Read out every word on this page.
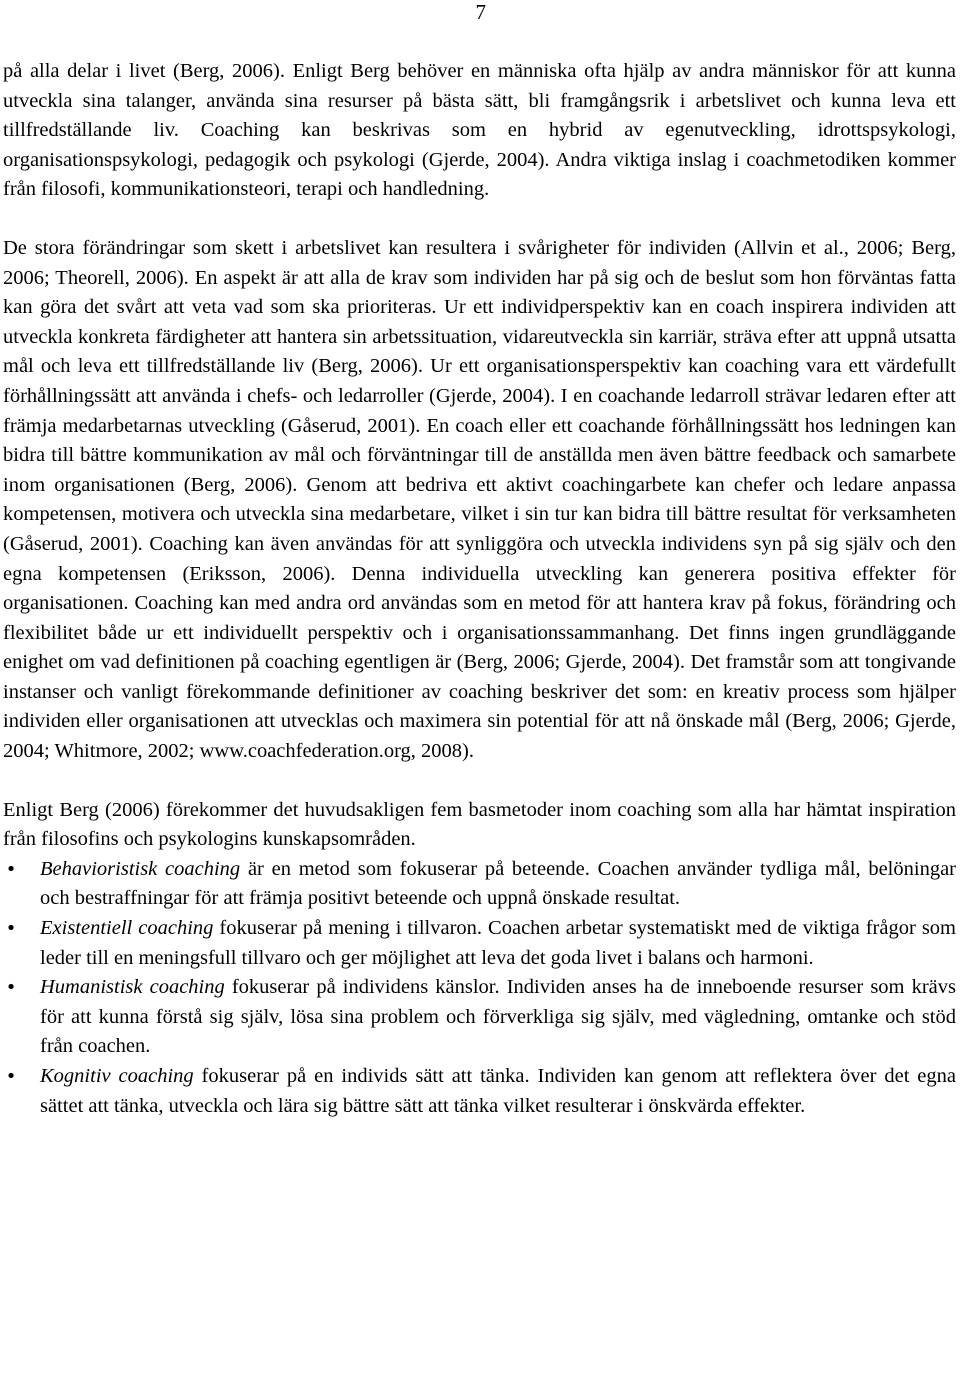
7

på alla delar i livet (Berg, 2006). Enligt Berg behöver en människa ofta hjälp av andra människor för att kunna utveckla sina talanger, använda sina resurser på bästa sätt, bli framgångsrik i arbetslivet och kunna leva ett tillfredställande liv. Coaching kan beskrivas som en hybrid av egenutveckling, idrottspsykologi, organisationspsykologi, pedagogik och psykologi (Gjerde, 2004). Andra viktiga inslag i coachmetodiken kommer från filosofi, kommunikationsteori, terapi och handledning.

De stora förändringar som skett i arbetslivet kan resultera i svårigheter för individen (Allvin et al., 2006; Berg, 2006; Theorell, 2006). En aspekt är att alla de krav som individen har på sig och de beslut som hon förväntas fatta kan göra det svårt att veta vad som ska prioriteras. Ur ett individperspektiv kan en coach inspirera individen att utveckla konkreta färdigheter att hantera sin arbetssituation, vidareutveckla sin karriär, sträva efter att uppnå utsatta mål och leva ett tillfredställande liv (Berg, 2006). Ur ett organisationsperspektiv kan coaching vara ett värdefullt förhållningssätt att använda i chefs- och ledarroller (Gjerde, 2004). I en coachande ledarroll strävar ledaren efter att främja medarbetarnas utveckling (Gåserud, 2001). En coach eller ett coachande förhållningssätt hos ledningen kan bidra till bättre kommunikation av mål och förväntningar till de anställda men även bättre feedback och samarbete inom organisationen (Berg, 2006). Genom att bedriva ett aktivt coachingarbete kan chefer och ledare anpassa kompetensen, motivera och utveckla sina medarbetare, vilket i sin tur kan bidra till bättre resultat för verksamheten (Gåserud, 2001). Coaching kan även användas för att synliggöra och utveckla individens syn på sig själv och den egna kompetensen (Eriksson, 2006). Denna individuella utveckling kan generera positiva effekter för organisationen. Coaching kan med andra ord användas som en metod för att hantera krav på fokus, förändring och flexibilitet både ur ett individuellt perspektiv och i organisationssammanhang. Det finns ingen grundläggande enighet om vad definitionen på coaching egentligen är (Berg, 2006; Gjerde, 2004). Det framstår som att tongivande instanser och vanligt förekommande definitioner av coaching beskriver det som: en kreativ process som hjälper individen eller organisationen att utvecklas och maximera sin potential för att nå önskade mål (Berg, 2006; Gjerde, 2004; Whitmore, 2002; www.coachfederation.org, 2008).

Enligt Berg (2006) förekommer det huvudsakligen fem basmetoder inom coaching som alla har hämtat inspiration från filosofins och psykologins kunskapsområden.

• Behavioristisk coaching är en metod som fokuserar på beteende. Coachen använder tydliga mål, belöningar och bestraffningar för att främja positivt beteende och uppnå önskade resultat.
• Existentiell coaching fokuserar på mening i tillvaron. Coachen arbetar systematiskt med de viktiga frågor som leder till en meningsfull tillvaro och ger möjlighet att leva det goda livet i balans och harmoni.
• Humanistisk coaching fokuserar på individens känslor. Individen anses ha de inneboende resurser som krävs för att kunna förstå sig själv, lösa sina problem och förverkliga sig själv, med vägledning, omtanke och stöd från coachen.
• Kognitiv coaching fokuserar på en individs sätt att tänka. Individen kan genom att reflektera över det egna sättet att tänka, utveckla och lära sig bättre sätt att tänka vilket resulterar i önskvärda effekter.
